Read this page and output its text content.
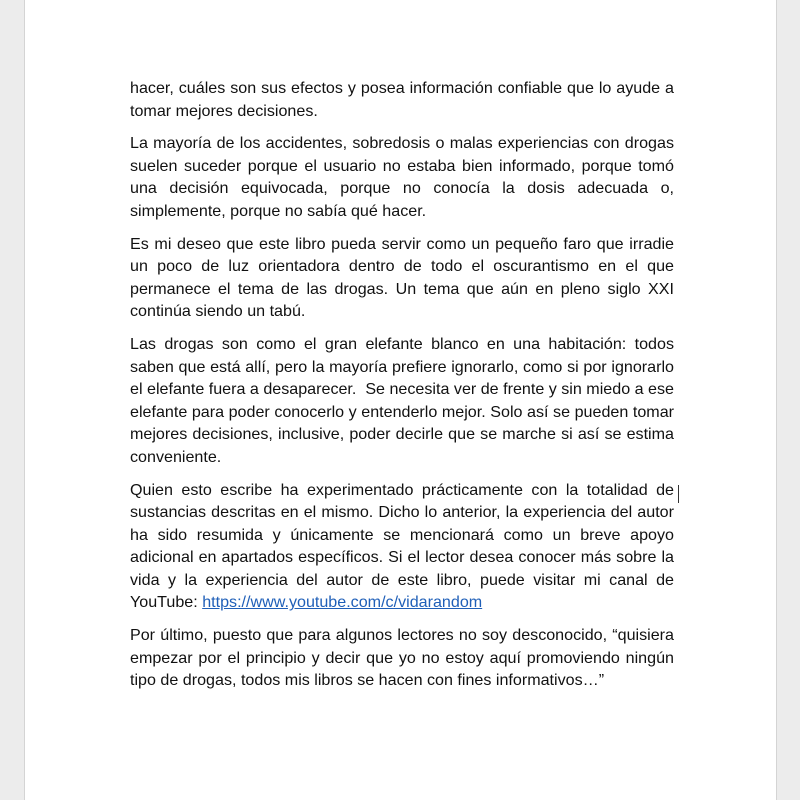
hacer, cuáles son sus efectos y posea información confiable que lo ayude a tomar mejores decisiones.

La mayoría de los accidentes, sobredosis o malas experiencias con drogas suelen suceder porque el usuario no estaba bien informado, porque tomó una decisión equivocada, porque no conocía la dosis adecuada o, simplemente, porque no sabía qué hacer.

Es mi deseo que este libro pueda servir como un pequeño faro que irradie un poco de luz orientadora dentro de todo el oscurantismo en el que permanece el tema de las drogas. Un tema que aún en pleno siglo XXI continúa siendo un tabú.

Las drogas son como el gran elefante blanco en una habitación: todos saben que está allí, pero la mayoría prefiere ignorarlo, como si por ignorarlo el elefante fuera a desaparecer.  Se necesita ver de frente y sin miedo a ese elefante para poder conocerlo y entenderlo mejor. Solo así se pueden tomar mejores decisiones, inclusive, poder decirle que se marche si así se estima conveniente.

Quien esto escribe ha experimentado prácticamente con la totalidad de sustancias descritas en el mismo. Dicho lo anterior, la experiencia del autor ha sido resumida y únicamente se mencionará como un breve apoyo adicional en apartados específicos. Si el lector desea conocer más sobre la vida y la experiencia del autor de este libro, puede visitar mi canal de YouTube: https://www.youtube.com/c/vidarandom

Por último, puesto que para algunos lectores no soy desconocido, “quisiera empezar por el principio y decir que yo no estoy aquí promoviendo ningún tipo de drogas, todos mis libros se hacen con fines informativos…”
